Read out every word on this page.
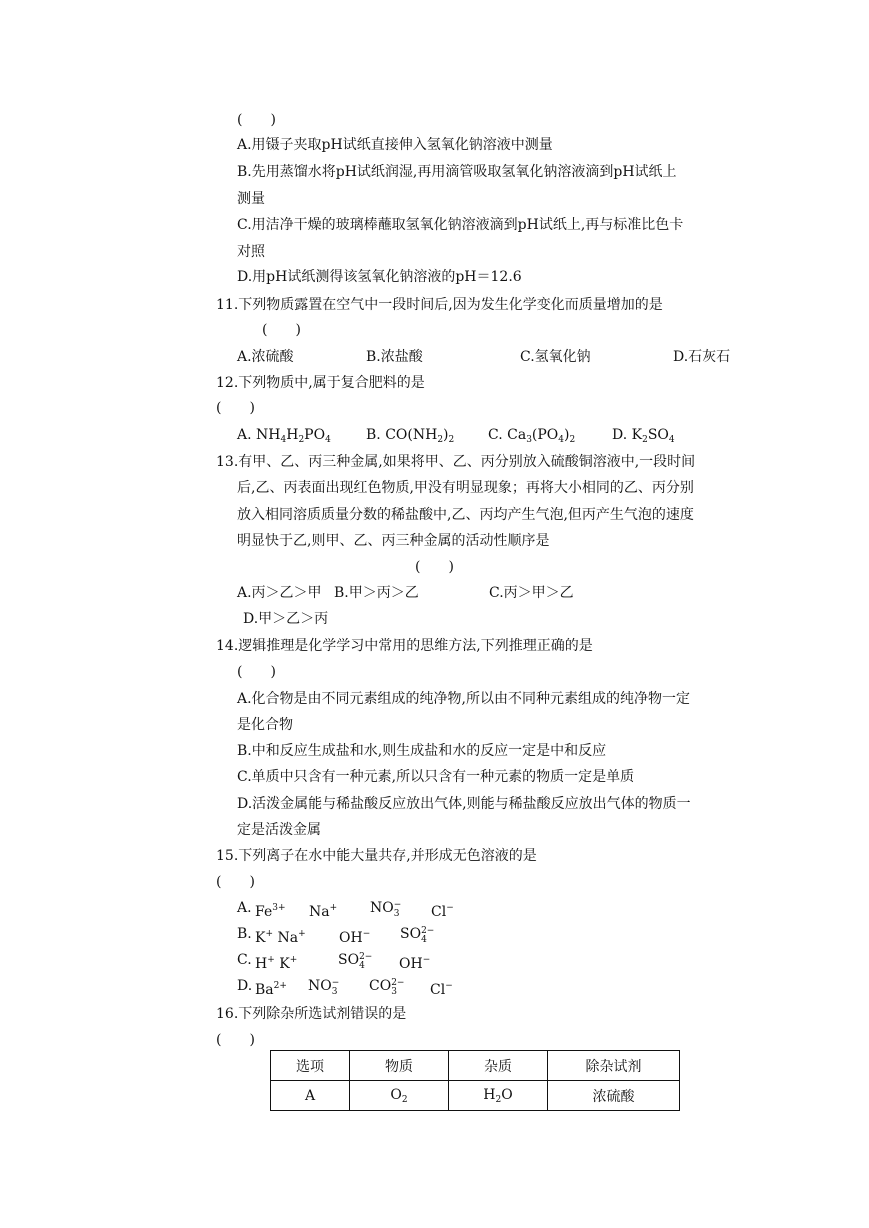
(　　)
A.用镊子夹取pH试纸直接伸入氢氧化钠溶液中测量
B.先用蒸馏水将pH试纸润湿,再用滴管吸取氢氧化钠溶液滴到pH试纸上
测量
C.用洁净干燥的玻璃棒蘸取氢氧化钠溶液滴到pH试纸上,再与标准比色卡
对照
D.用pH试纸测得该氢氧化钠溶液的pH＝12.6
11.下列物质露置在空气中一段时间后,因为发生化学变化而质量增加的是
(　　)
A.浓硫酸	B.浓盐酸	C.氢氧化钠	D.石灰石
12.下列物质中,属于复合肥料的是
(　　)
A. $NH_4H_2PO_4$	B. $CO(NH_2)_2$ C. $Ca_3(PO_4)_2$	D. $K_2SO_4$
13.有甲、乙、丙三种金属,如果将甲、乙、丙分别放入硫酸铜溶液中,一段时间
后,乙、丙表面出现红色物质,甲没有明显现象；再将大小相同的乙、丙分别
放入相同溶质质量分数的稀盐酸中,乙、丙均产生气泡,但丙产生气泡的速度
明显快于乙,则甲、乙、丙三种金属的活动性顺序是
(　　)
A.丙＞乙＞甲 B.甲＞丙＞乙	C.丙＞甲＞乙
D.甲＞乙＞丙
14.逻辑推理是化学学习中常用的思维方法,下列推理正确的是
(　　)
A.化合物是由不同元素组成的纯净物,所以由不同种元素组成的纯净物一定
是化合物
B.中和反应生成盐和水,则生成盐和水的反应一定是中和反应
C.单质中只含有一种元素,所以只含有一种元素的物质一定是单质
D.活泼金属能与稀盐酸反应放出气体,则能与稀盐酸反应放出气体的物质一
定是活泼金属
15.下列离子在水中能大量共存,并形成无色溶液的是
(　　)
A. $Fe^{3+}$ Na+ NO −
3 Cl−
B. K+ Na+ OH− SO 2−
4
C. H+ K+	SO 2−
4	OH−
D. $Ba^{2+}$ NO −
3 CO 2−
3	Cl−
16.下列除杂所选试剂错误的是
(　　)
选项	物质	杂质	除杂试剂
A	$O_2$	$H_2O$	浓硫酸
